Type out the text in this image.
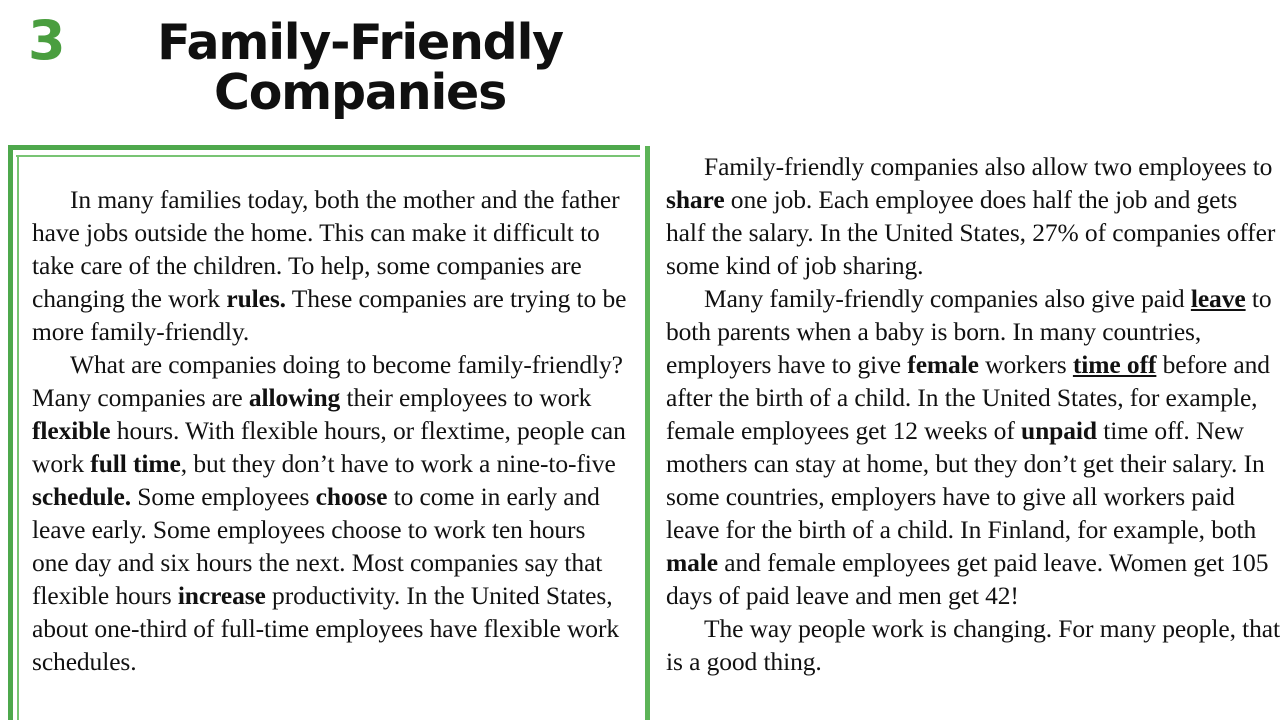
3	Family-Friendly Companies

In many families today, both the mother and the father have jobs outside the home. This can make it difficult to take care of the children. To help, some companies are changing the work rules. These companies are trying to be more family-friendly.

What are companies doing to become family-friendly? Many companies are allowing their employees to work flexible hours. With flexible hours, or flextime, people can work full time, but they don’t have to work a nine-to-five schedule. Some employees choose to come in early and leave early. Some employees choose to work ten hours one day and six hours the next. Most companies say that flexible hours increase productivity. In the United States, about one-third of full-time employees have flexible work schedules.

Family-friendly companies also allow two employees to share one job. Each employee does half the job and gets half the salary. In the United States, 27% of companies offer some kind of job sharing.

Many family-friendly companies also give paid leave to both parents when a baby is born. In many countries, employers have to give female workers time off before and after the birth of a child. In the United States, for example, female employees get 12 weeks of unpaid time off. New mothers can stay at home, but they don’t get their salary. In some countries, employers have to give all workers paid leave for the birth of a child. In Finland, for example, both male and female employees get paid leave. Women get 105 days of paid leave and men get 42!

The way people work is changing. For many people, that is a good thing.
